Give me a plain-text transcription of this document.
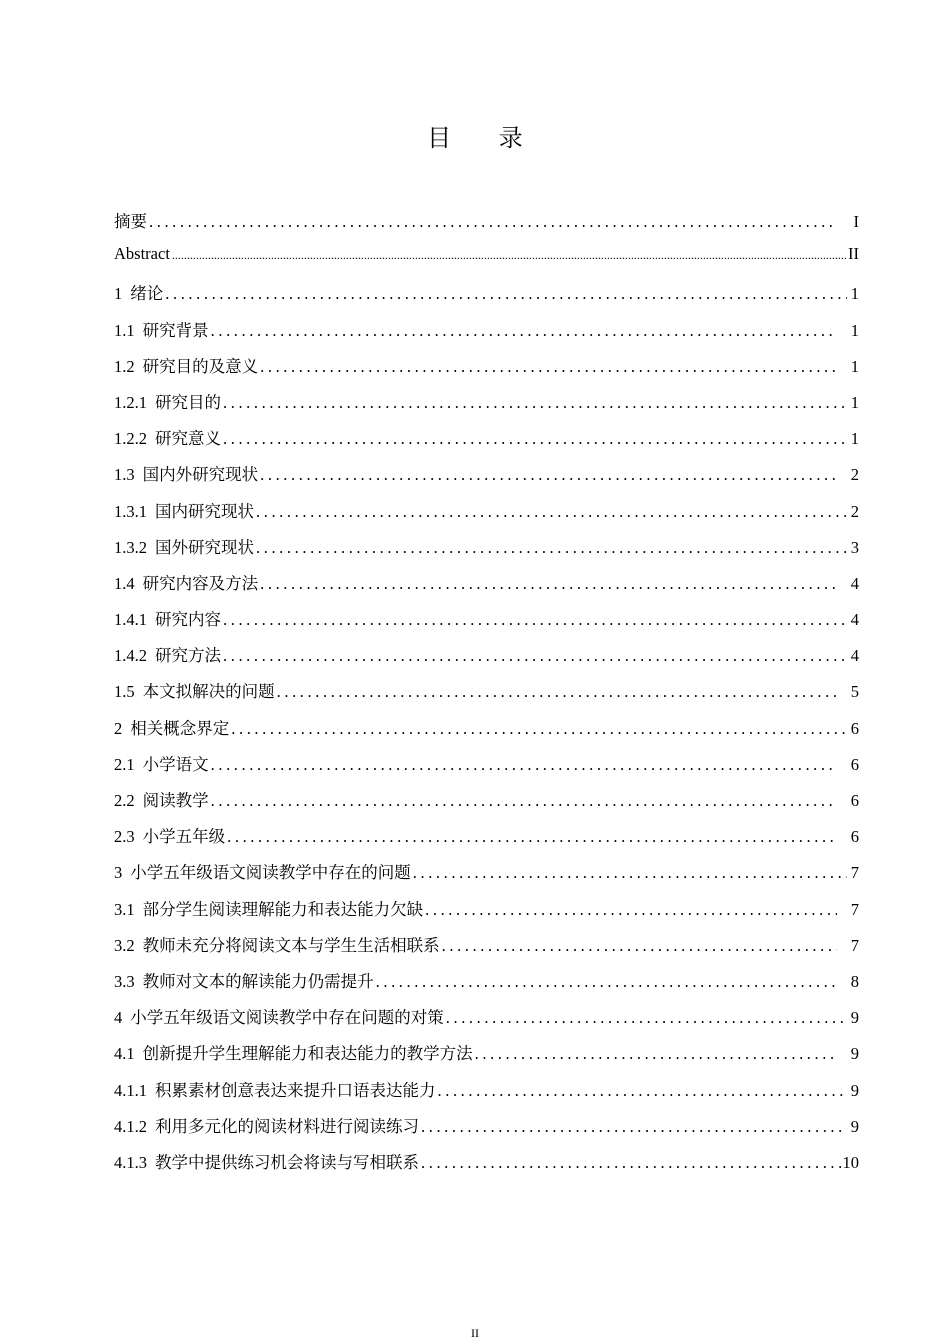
目 录
摘要 .....	I
Abstract .....	II
1 绪论 .....	1
1.1 研究背景 .....	1
1.2 研究目的及意义 .....	1
1.2.1 研究目的 .....	1
1.2.2 研究意义 .....	1
1.3 国内外研究现状 .....	2
1.3.1 国内研究现状 .....	2
1.3.2 国外研究现状 .....	3
1.4 研究内容及方法 .....	4
1.4.1 研究内容 .....	4
1.4.2 研究方法 .....	4
1.5 本文拟解决的问题 .....	5
2 相关概念界定 .....	6
2.1 小学语文 .....	6
2.2 阅读教学 .....	6
2.3 小学五年级 .....	6
3 小学五年级语文阅读教学中存在的问题 .....	7
3.1 部分学生阅读理解能力和表达能力欠缺 .....	7
3.2 教师未充分将阅读文本与学生生活相联系 .....	7
3.3 教师对文本的解读能力仍需提升 .....	8
4 小学五年级语文阅读教学中存在问题的对策 .....	9
4.1 创新提升学生理解能力和表达能力的教学方法 .....	9
4.1.1 积累素材创意表达来提升口语表达能力 .....	9
4.1.2 利用多元化的阅读材料进行阅读练习 .....	9
4.1.3 教学中提供练习机会将读与写相联系 .....	10
II
